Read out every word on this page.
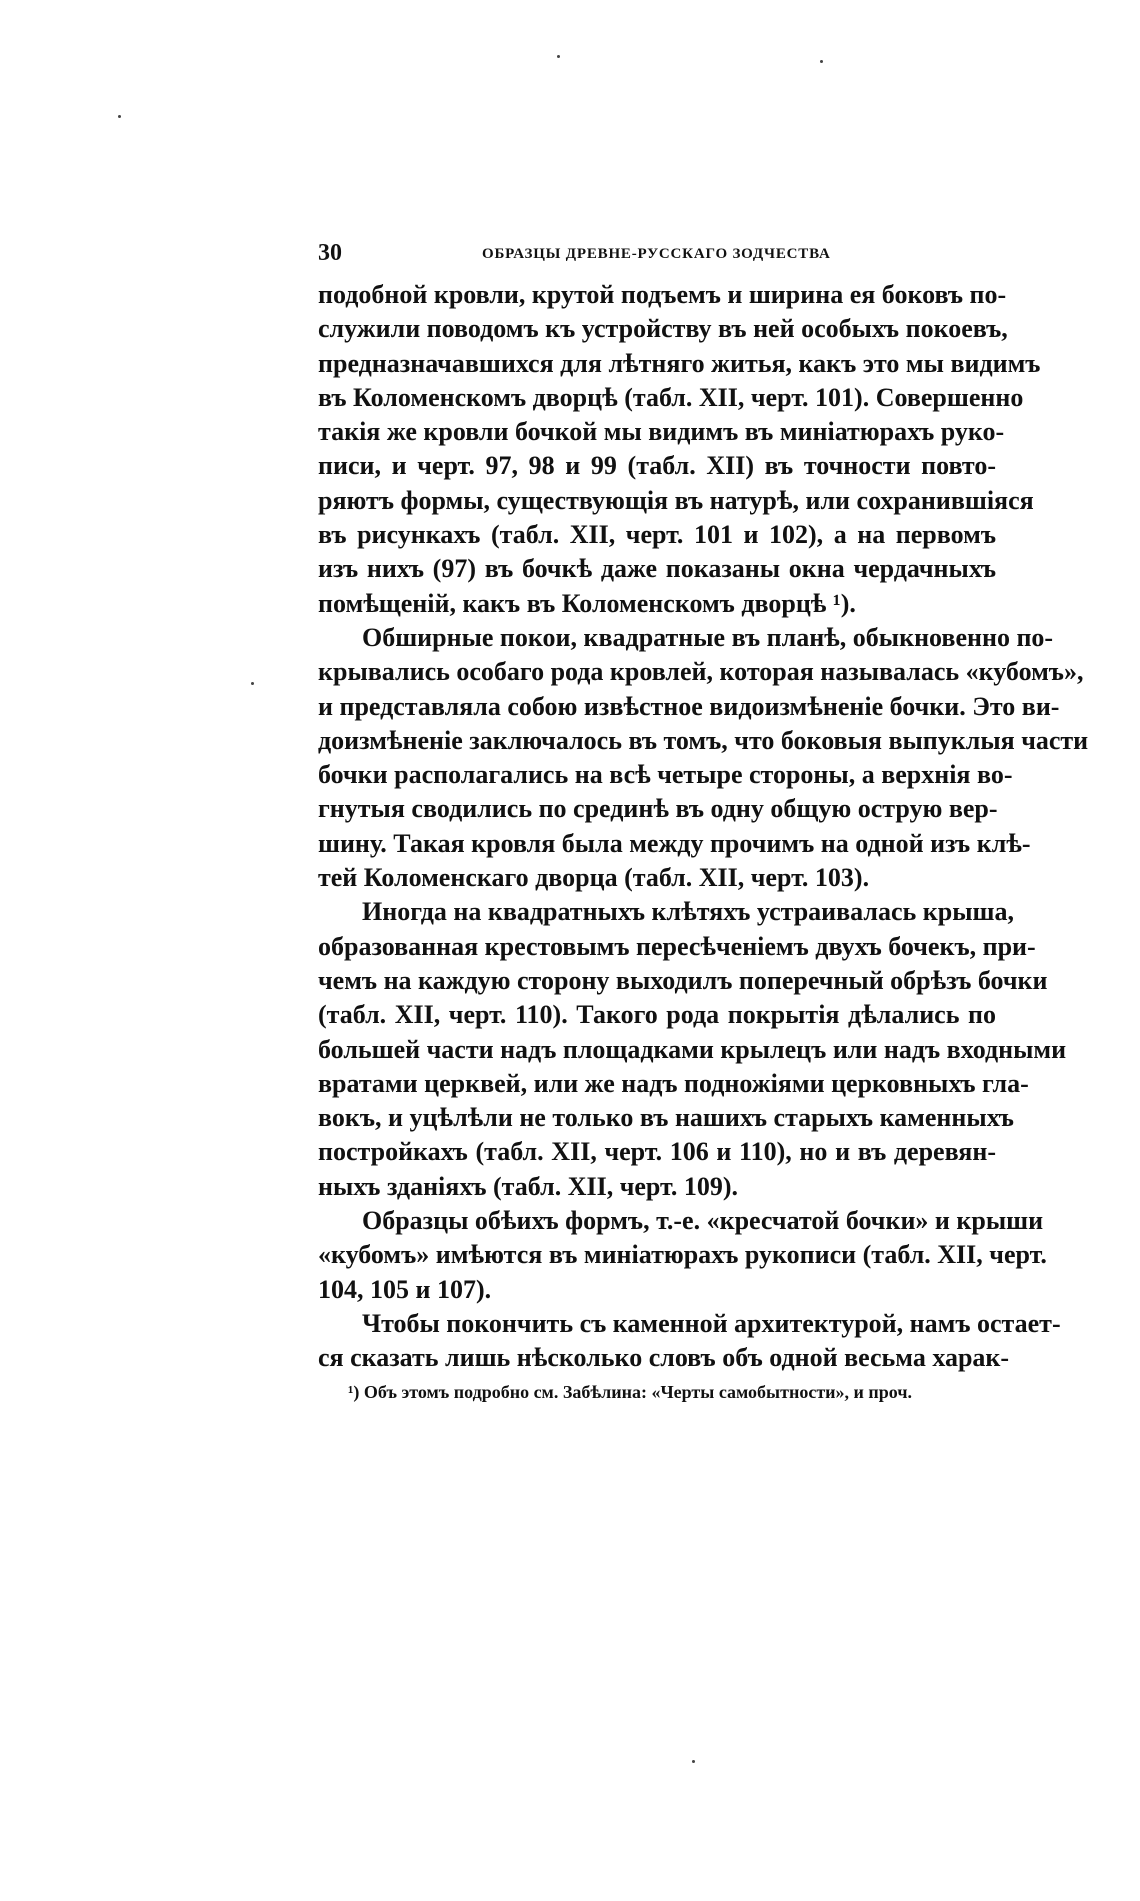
30	ОБРАЗЦЫ ДРЕВНЕ-РУССКАГО ЗОДЧЕСТВА
подобной кровли, крутой подъемъ и ширина ея боковъ по-
служили поводомъ къ устройству въ ней особыхъ покоевъ,
предназначавшихся для лѣтняго житья, какъ это мы видимъ
въ Коломенскомъ дворцѣ (табл. XII, черт. 101). Совершенно
такія же кровли бочкой мы видимъ въ миніатюрахъ руко-
писи, и черт. 97, 98 и 99 (табл. XII) въ точности повто-
ряютъ формы, существующія въ натурѣ, или сохранившіяся
въ рисункахъ (табл. XII, черт. 101 и 102), а на первомъ
изъ нихъ (97) въ бочкѣ даже показаны окна чердачныхъ
помѣщеній, какъ въ Коломенскомъ дворцѣ ¹).
Обширные покои, квадратные въ планѣ, обыкновенно по-
крывались особаго рода кровлей, которая называлась «кубомъ»,
и представляла собою извѣстное видоизмѣненіе бочки. Это ви-
доизмѣненіе заключалось въ томъ, что боковыя выпуклыя части
бочки располагались на всѣ четыре стороны, а верхнія во-
гнутыя сводились по срединѣ въ одну общую острую вер-
шину. Такая кровля была между прочимъ на одной изъ клѣ-
тей Коломенскаго дворца (табл. XII, черт. 103).
Иногда на квадратныхъ клѣтяхъ устраивалась крыша,
образованная крестовымъ пересѣченіемъ двухъ бочекъ, при-
чемъ на каждую сторону выходилъ поперечный обрѣзъ бочки
(табл. XII, черт. 110). Такого рода покрытія дѣлались по
большей части надъ площадками крылецъ или надъ входными
вратами церквей, или же надъ подножіями церковныхъ гла-
вокъ, и уцѣлѣли не только въ нашихъ старыхъ каменныхъ
постройкахъ (табл. XII, черт. 106 и 110), но и въ деревян-
ныхъ зданіяхъ (табл. XII, черт. 109).
Образцы обѣихъ формъ, т.-е. «кресчатой бочки» и крыши
«кубомъ» имѣются въ миніатюрахъ рукописи (табл. XII, черт.
104, 105 и 107).
Чтобы покончить съ каменной архитектурой, намъ остает-
ся сказать лишь нѣсколько словъ объ одной весьма харак-
¹) Объ этомъ подробно см. Забѣлина: «Черты самобытности», и проч.
